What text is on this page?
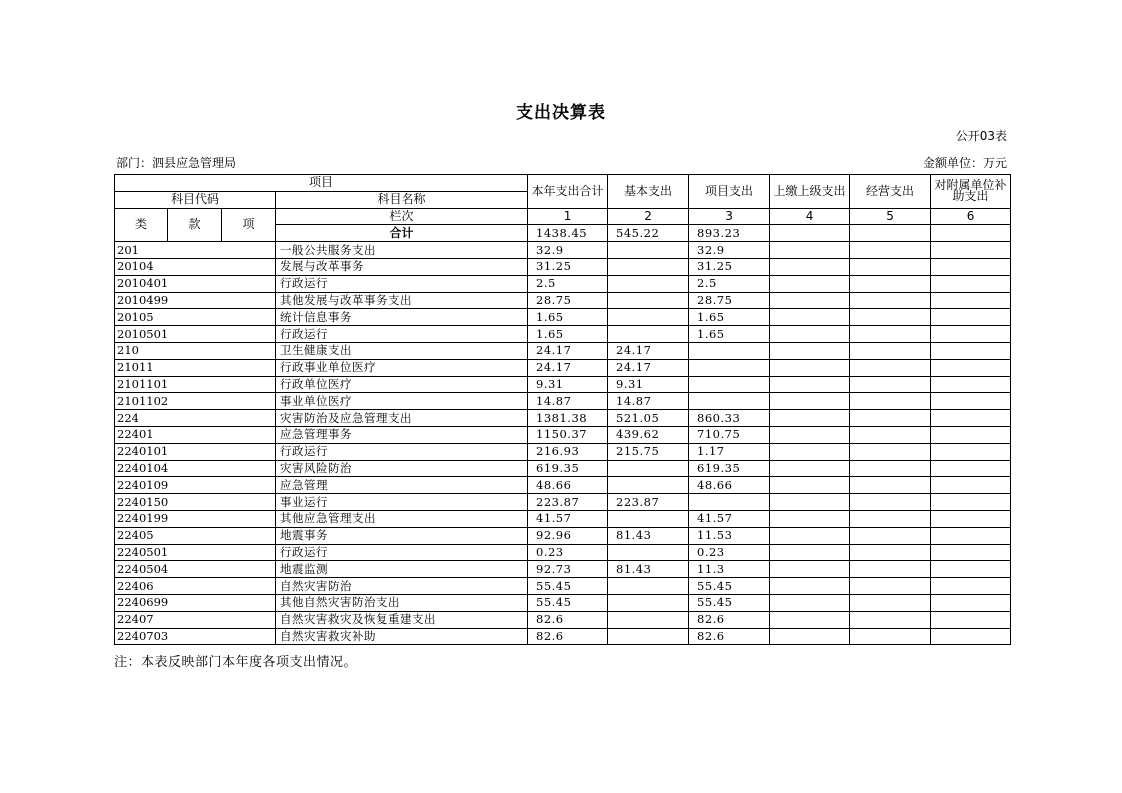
支出决算表
公开03表
部门：泗县应急管理局	金额单位：万元
项目				本年支出合计	基本支出	项目支出	上缴上级支出	经营支出	对附属单位补助支出
科目代码			科目名称						
类	款	项	栏次	1	2	3	4	5	6
			合计	1438.45	545.22	893.23			
201			一般公共服务支出	32.9		32.9			
20104			发展与改革事务	31.25		31.25			
2010401			行政运行	2.5		2.5			
2010499			其他发展与改革事务支出	28.75		28.75			
20105			统计信息事务	1.65		1.65			
2010501			行政运行	1.65		1.65			
210			卫生健康支出	24.17	24.17				
21011			行政事业单位医疗	24.17	24.17				
2101101			行政单位医疗	9.31	9.31				
2101102			事业单位医疗	14.87	14.87				
224			灾害防治及应急管理支出	1381.38	521.05	860.33			
22401			应急管理事务	1150.37	439.62	710.75			
2240101			行政运行	216.93	215.75	1.17			
2240104			灾害风险防治	619.35		619.35			
2240109			应急管理	48.66		48.66			
2240150			事业运行	223.87	223.87				
2240199			其他应急管理支出	41.57		41.57			
22405			地震事务	92.96	81.43	11.53			
2240501			行政运行	0.23		0.23			
2240504			地震监测	92.73	81.43	11.3			
22406			自然灾害防治	55.45		55.45			
2240699			其他自然灾害防治支出	55.45		55.45			
22407			自然灾害救灾及恢复重建支出	82.6		82.6			
2240703			自然灾害救灾补助	82.6		82.6			
注：本表反映部门本年度各项支出情况。
